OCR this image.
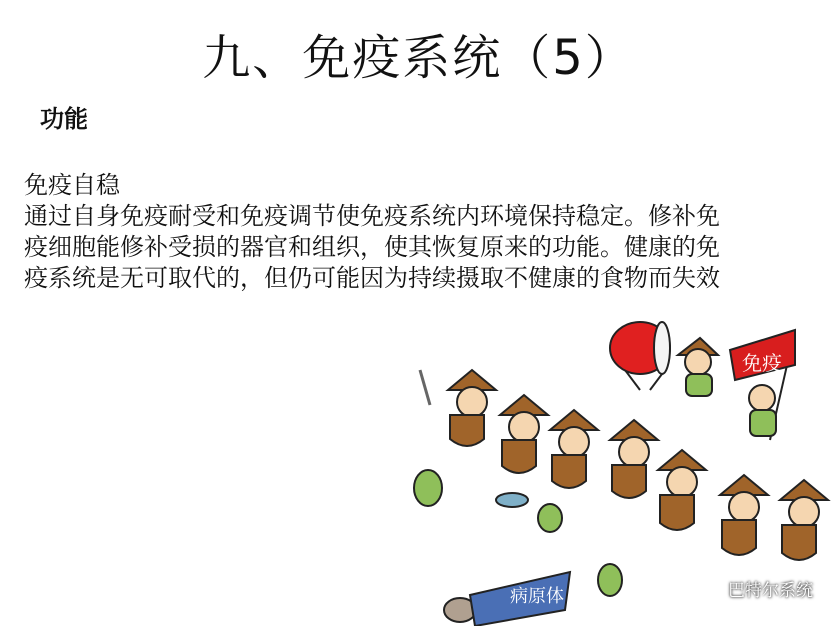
九、免疫系统（5）
功能
免疫自稳
通过自身免疫耐受和免疫调节使免疫系统内环境保持稳定。修补免
疫细胞能修补受损的器官和组织，使其恢复原来的功能。健康的免
疫系统是无可取代的，但仍可能因为持续摄取不健康的食物而失效
免疫
病原体	巴特尔系统
